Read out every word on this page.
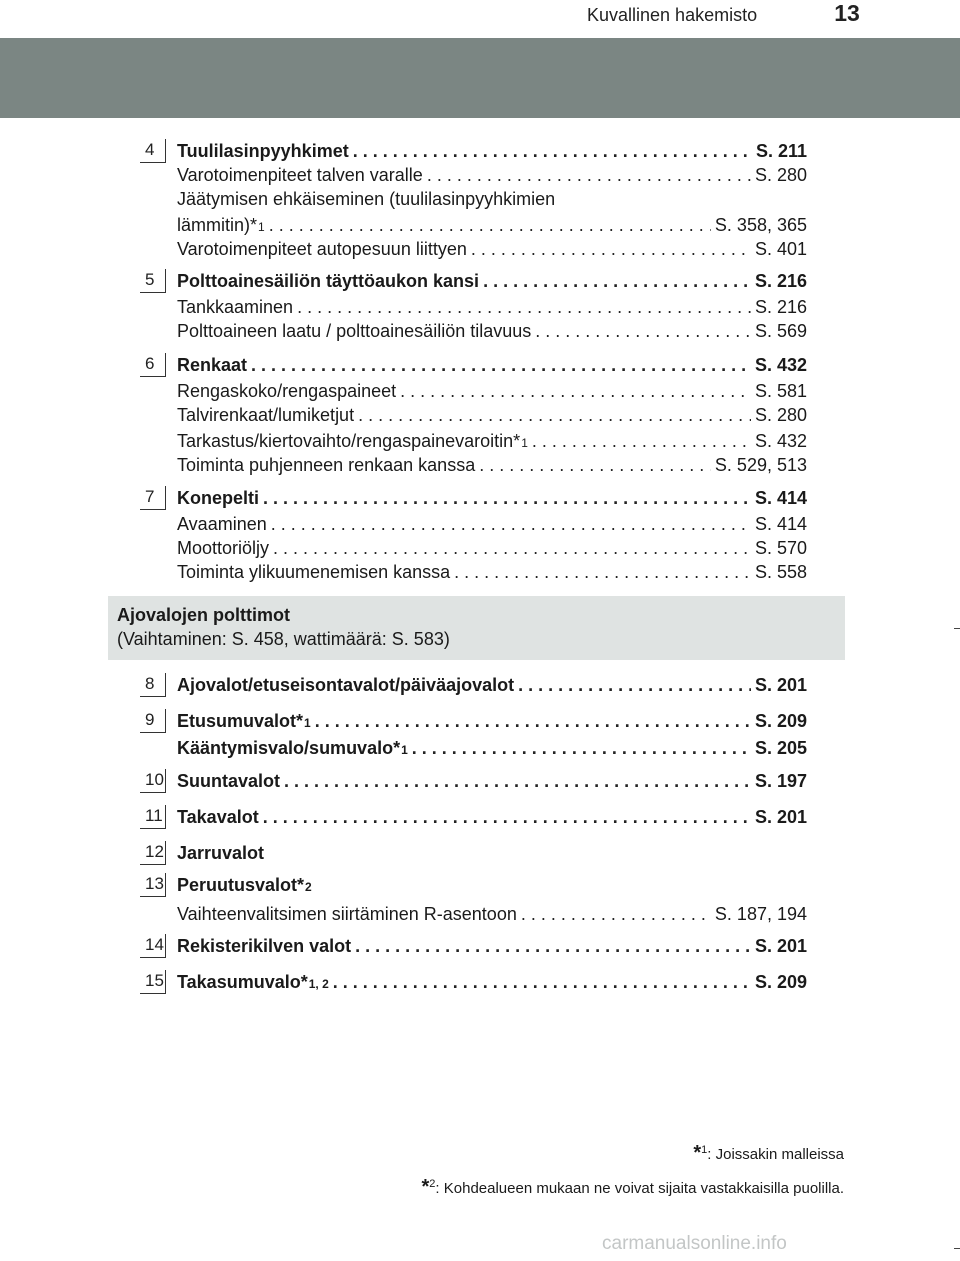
Kuvallinen hakemisto	13
4	Tuulilasinpyyhkimet . . .	S. 211
Varotoimenpiteet talven varalle . . .	S. 280
Jäätymisen ehkäiseminen (tuulilasinpyyhkimien
lämmitin)* 1 . . .	S. 358, 365
Varotoimenpiteet autopesuun liittyen . . .	S. 401
5	Polttoainesäiliön täyttöaukon kansi . . .	S. 216
Tankkaaminen . . .	S. 216
Polttoaineen laatu / polttoainesäiliön tilavuus . . .	S. 569
6	Renkaat . . .	S. 432
Rengaskoko/rengaspaineet . . .	S. 581
Talvirenkaat/lumiketjut . . .	S. 280
Tarkastus/kiertovaihto/rengaspainevaroitin* 1 . . .	S. 432
Toiminta puhjenneen renkaan kanssa . . .	S. 529, 513
7	Konepelti . . .	S. 414
Avaaminen . . .	S. 414
Moottoriöljy . . .	S. 570
Toiminta ylikuumenemisen kanssa . . .	S. 558
8	Ajovalot/etuseisontavalot/päiväajovalot . . .	S. 201
9	Etusumuvalot* 1 . . .	S. 209
Kääntymisvalo/sumuvalo* 1 . . .	S. 205
10 Suuntavalot . . .	S. 197
11 Takavalot . . .	S. 201
12 Jarruvalot
13 Peruutusvalot* 2
Vaihteenvalitsimen siirtäminen R-asentoon . . .	S. 187, 194
14 Rekisterikilven valot . . .	S. 201
15 Takasumuvalo* 1, 2 . . .	S. 209
Ajovalojen polttimot
(Vaihtaminen: S. 458, wattimäärä: S. 583)
*$^1$: Joissakin malleissa
*$^2$: Kohdealueen mukaan ne voivat sijaita vastakkaisilla puolilla.
carmanualsonline.info
